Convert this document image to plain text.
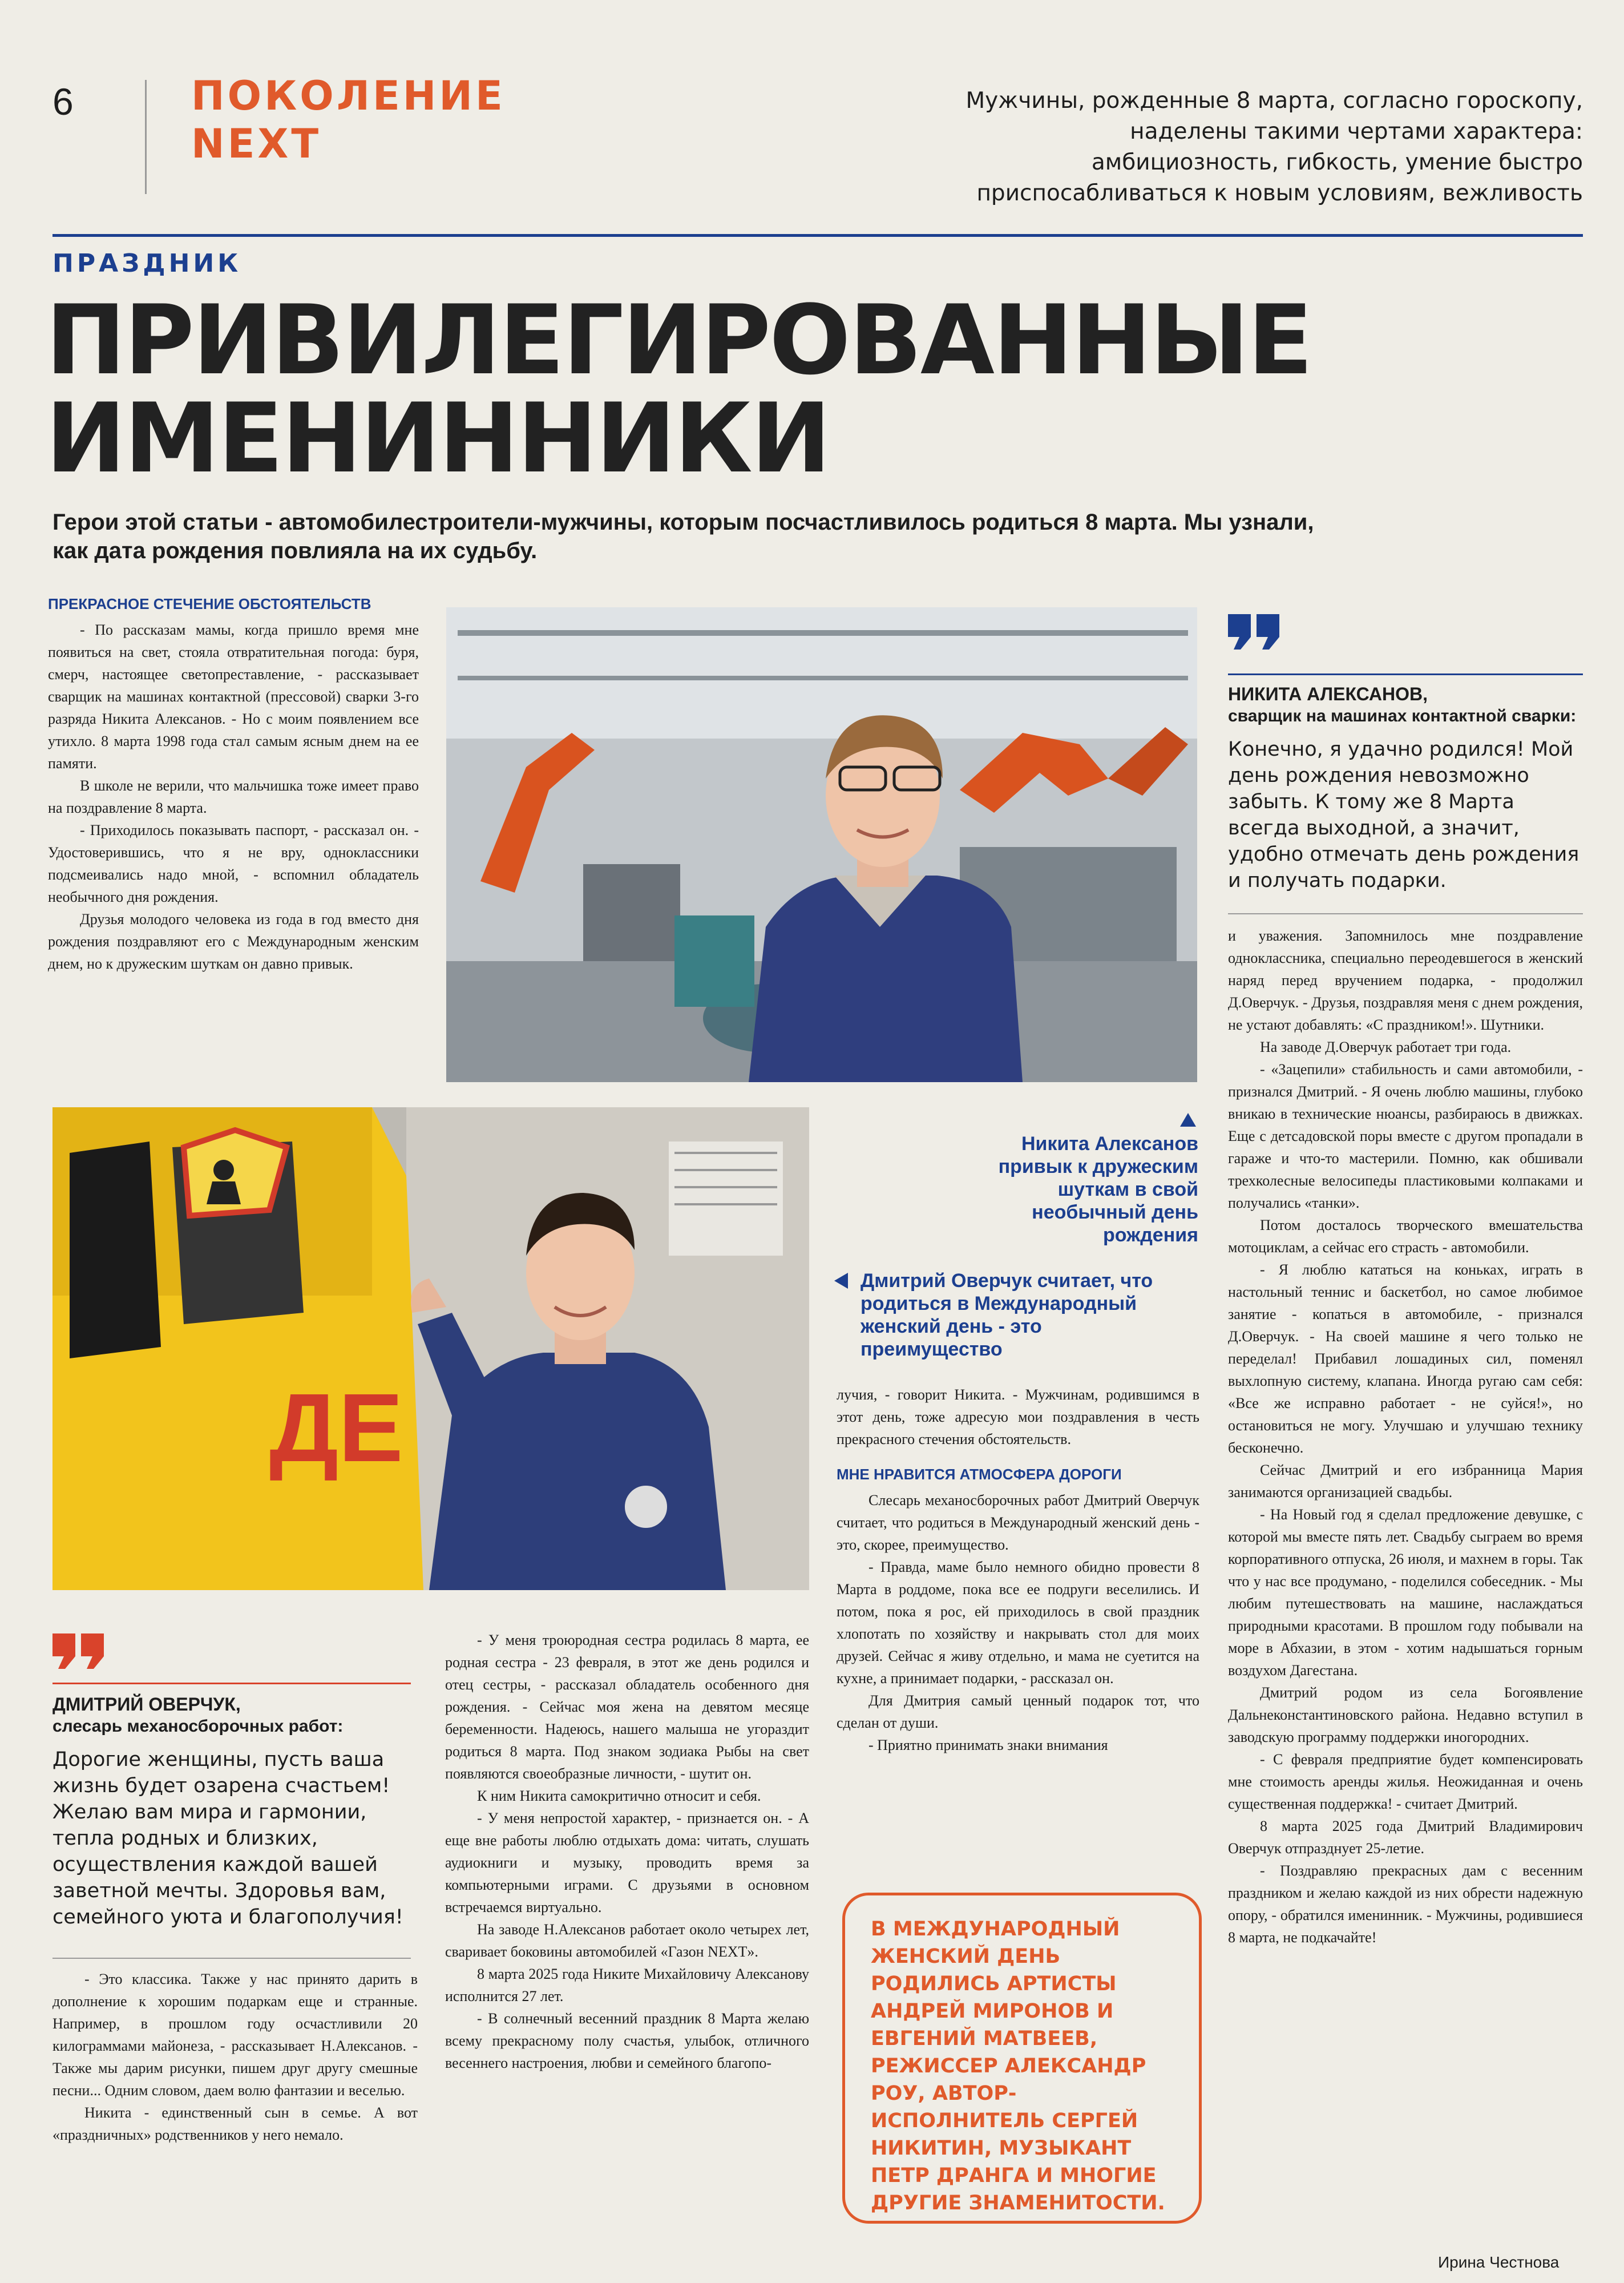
6	ПОКОЛЕНИЕ
NEXT
Мужчины, рожденные 8 марта, согласно гороскопу, наделены такими чертами характера: амбициозность, гибкость, умение быстро приспосабливаться к новым условиям, вежливость
ПРАЗДНИК
ПРИВИЛЕГИРОВАННЫЕ
ИМЕНИННИКИ
Герои этой статьи - автомобилестроители-мужчины, которым посчастливилось родиться 8 марта. Мы узнали, как дата рождения повлияла на их судьбу.
ПРЕКРАСНОЕ СТЕЧЕНИЕ ОБСТОЯТЕЛЬСТВ

- По рассказам мамы, когда пришло время мне появиться на свет, стояла отвратительная погода: буря, смерч, настоящее светопреставление, - рассказывает сварщик на машинах контактной (прессовой) сварки 3-го разряда Никита Алексанов. - Но с моим появлением все утихло. 8 марта 1998 года стал самым ясным днем на ее памяти.

В школе не верили, что мальчишка тоже имеет право на поздравление 8 марта.

- Приходилось показывать паспорт, - рассказал он. - Удостоверившись, что я не вру, одноклассники подсмеивались надо мной, - вспомнил обладатель необычного дня рождения.

Друзья молодого человека из года в год вместо дня рождения поздравляют его с Международным женским днем, но к дружеским шуткам он давно привык.

НИКИТА АЛЕКСАНОВ,
сварщик на машинах контактной сварки:
Конечно, я удачно родился! Мой день рождения невозможно забыть. К тому же 8 Марта всегда выходной, а значит, удобно отмечать день рождения и получать подарки.

и уважения. Запомнилось мне поздравление одноклассника, специально переодевшегося в женский наряд перед вручением подарка, - продолжил Д.Оверчук. - Друзья, поздравляя меня с днем рождения, не устают добавлять: «С праздником!». Шутники.

На заводе Д.Оверчук работает три года.

- «Зацепили» стабильность и сами автомобили, - признался Дмитрий. - Я очень люблю машины, глубоко вникаю в технические нюансы, разбираюсь в движках. Еще с детсадовской поры вместе с другом пропадали в гараже и что-то мастерили. Помню, как обшивали трехколесные велосипеды пластиковыми колпаками и получались «танки».

Потом досталось творческого вмешательства мотоциклам, а сейчас его страсть - автомобили.

- Я люблю кататься на коньках, играть в настольный теннис и баскетбол, но самое любимое занятие - копаться в автомобиле, - признался Д.Оверчук. - На своей машине я чего только не переделал! Прибавил лошадиных сил, поменял выхлопную систему, клапана. Иногда ругаю сам себя: «Все же исправно работает - не суйся!», но остановиться не могу. Улучшаю и улучшаю технику бесконечно.

Сейчас Дмитрий и его избранница Мария занимаются организацией свадьбы.

- На Новый год я сделал предложение девушке, с которой мы вместе пять лет. Свадьбу сыграем во время корпоративного отпуска, 26 июля, и махнем в горы. Так что у нас все продумано, - поделился собеседник. - Мы любим путешествовать на машине, наслаждаться природными красотами. В прошлом году побывали на море в Абхазии, в этом - хотим надышаться горным воздухом Дагестана.

Дмитрий родом из села Богоявление Дальнеконстантиновского района. Недавно вступил в заводскую программу поддержки иногородних.

- С февраля предприятие будет компенсировать мне стоимость аренды жилья. Неожиданная и очень существенная поддержка! - считает Дмитрий.

8 марта 2025 года Дмитрий Владимирович Оверчук отпразднует 25-летие.

- Поздравляю прекрасных дам с весенним праздником и желаю каждой из них обрести надежную опору, - обратился именинник. - Мужчины, родившиеся 8 марта, не подкачайте!

Ирина Честнова
ДЕ
Никита Алексанов привык к дружеским шуткам в свой необычный день рождения
Дмитрий Оверчук считает, что родиться в Международный женский день - это преимущество

лучия, - говорит Никита. - Мужчинам, родившимся в этот день, тоже адресую мои поздравления в честь прекрасного стечения обстоятельств.

МНЕ НРАВИТСЯ АТМОСФЕРА ДОРОГИ

Слесарь механосборочных работ Дмитрий Оверчук считает, что родиться в Международный женский день - это, скорее, преимущество.

- Правда, маме было немного обидно провести 8 Марта в роддоме, пока все ее подруги веселились. И потом, пока я рос, ей приходилось в свой праздник хлопотать по хозяйству и накрывать стол для моих друзей. Сейчас я живу отдельно, и мама не суетится на кухне, а принимает подарки, - рассказал он.

Для Дмитрия самый ценный подарок тот, что сделан от души.

- Приятно принимать знаки внимания

В МЕЖДУНАРОДНЫЙ ЖЕНСКИЙ ДЕНЬ РОДИЛИСЬ АРТИСТЫ АНДРЕЙ МИРОНОВ И ЕВГЕНИЙ МАТВЕЕВ, РЕЖИССЕР АЛЕКСАНДР РОУ, АВТОР-ИСПОЛНИТЕЛЬ СЕРГЕЙ НИКИТИН, МУЗЫКАНТ ПЕТР ДРАНГА И МНОГИЕ ДРУГИЕ ЗНАМЕНИТОСТИ.
ДМИТРИЙ ОВЕРЧУК,
слесарь механосборочных работ:
Дорогие женщины, пусть ваша жизнь будет озарена счастьем! Желаю вам мира и гармонии, тепла родных и близких, осуществления каждой вашей заветной мечты. Здоровья вам, семейного уюта и благополучия!

- Это классика. Также у нас принято дарить в дополнение к хорошим подаркам еще и странные. Например, в прошлом году осчастливили 20 килограммами майонеза, - рассказывает Н.Алексанов. - Также мы дарим рисунки, пишем друг другу смешные песни... Одним словом, даем волю фантазии и веселью.

Никита - единственный сын в семье. А вот «праздничных» родственников у него немало.

- У меня троюродная сестра родилась 8 марта, ее родная сестра - 23 февраля, в этот же день родился и отец сестры, - рассказал обладатель особенного дня рождения. - Сейчас моя жена на девятом месяце беременности. Надеюсь, нашего малыша не угораздит родиться 8 марта. Под знаком зодиака Рыбы на свет появляются своеобразные личности, - шутит он.

К ним Никита самокритично относит и себя.

- У меня непростой характер, - признается он. - А еще вне работы люблю отдыхать дома: читать, слушать аудиокниги и музыку, проводить время за компьютерными играми. С друзьями в основном встречаемся виртуально.

На заводе Н.Алексанов работает около четырех лет, сваривает боковины автомобилей «Газон NEXT».

8 марта 2025 года Никите Михайловичу Алексанову исполнится 27 лет.

- В солнечный весенний праздник 8 Марта желаю всему прекрасному полу счастья, улыбок, отличного весеннего настроения, любви и семейного благопо-
